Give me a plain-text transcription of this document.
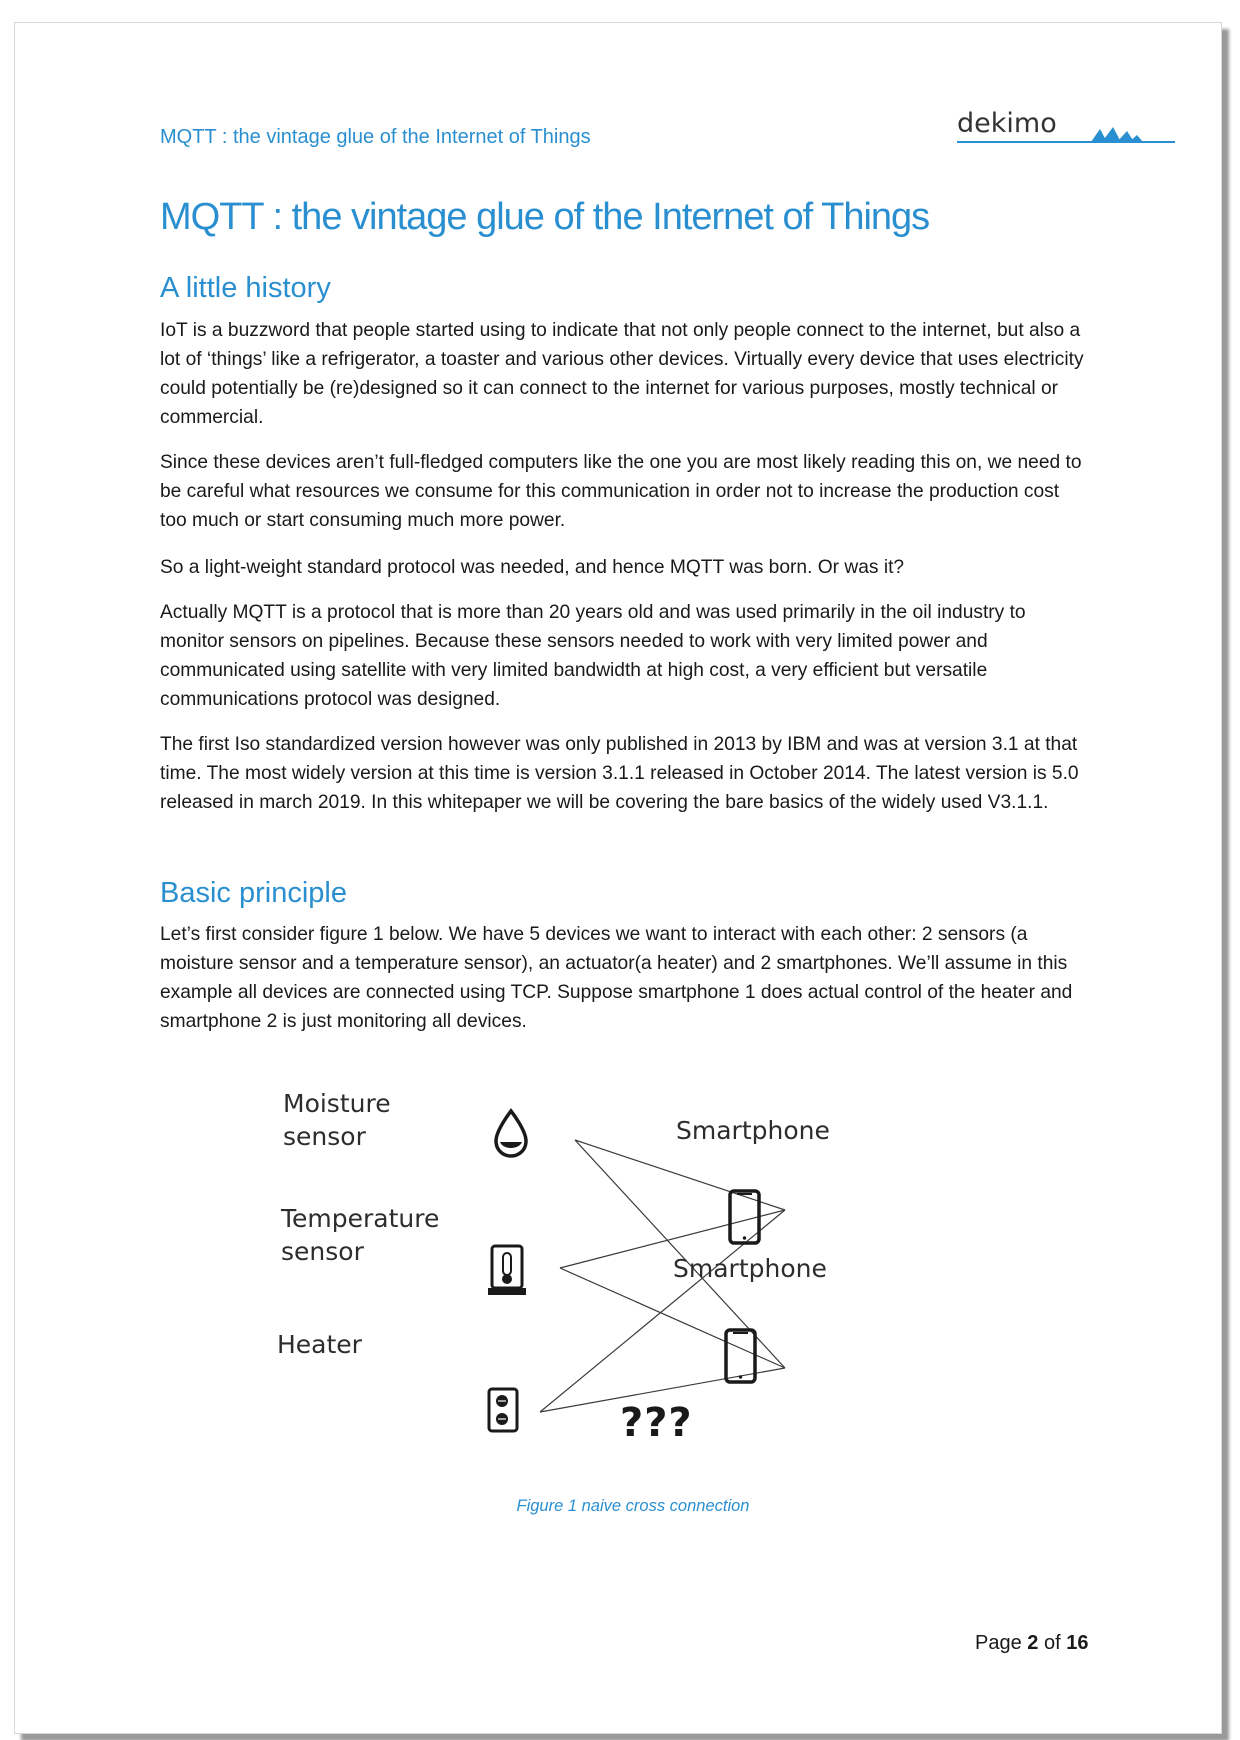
MQTT : the vintage glue of the Internet of Things	dekimo
MQTT : the vintage glue of the Internet of Things
A little history

IoT is a buzzword that people started using to indicate that not only people connect to the internet, but also a lot of ‘things’ like a refrigerator, a toaster and various other devices. Virtually every device that uses electricity could potentially be (re)designed so it can connect to the internet for various purposes, mostly technical or commercial.

Since these devices aren’t full-fledged computers like the one you are most likely reading this on, we need to be careful what resources we consume for this communication in order not to increase the production cost too much or start consuming much more power.

So a light-weight standard protocol was needed, and hence MQTT was born. Or was it?

Actually MQTT is a protocol that is more than 20 years old and was used primarily in the oil industry to monitor sensors on pipelines. Because these sensors needed to work with very limited power and communicated using satellite with very limited bandwidth at high cost, a very efficient but versatile communications protocol was designed.

The first Iso standardized version however was only published in 2013 by IBM and was at version 3.1 at that time. The most widely version at this time is version 3.1.1 released in October 2014. The latest version is 5.0 released in march 2019. In this whitepaper we will be covering the bare basics of the widely used V3.1.1.

Basic principle

Let’s first consider figure 1 below. We have 5 devices we want to interact with each other: 2 sensors (a moisture sensor and a temperature sensor), an actuator(a heater) and 2 smartphones. We’ll assume in this example all devices are connected using TCP. Suppose smartphone 1 does actual control of the heater and smartphone 2 is just monitoring all devices.

Moisture
sensor
Temperature
sensor
Heater
Smartphone
Smartphone
???
Figure 1 naive cross connection
Page 2 of 16
